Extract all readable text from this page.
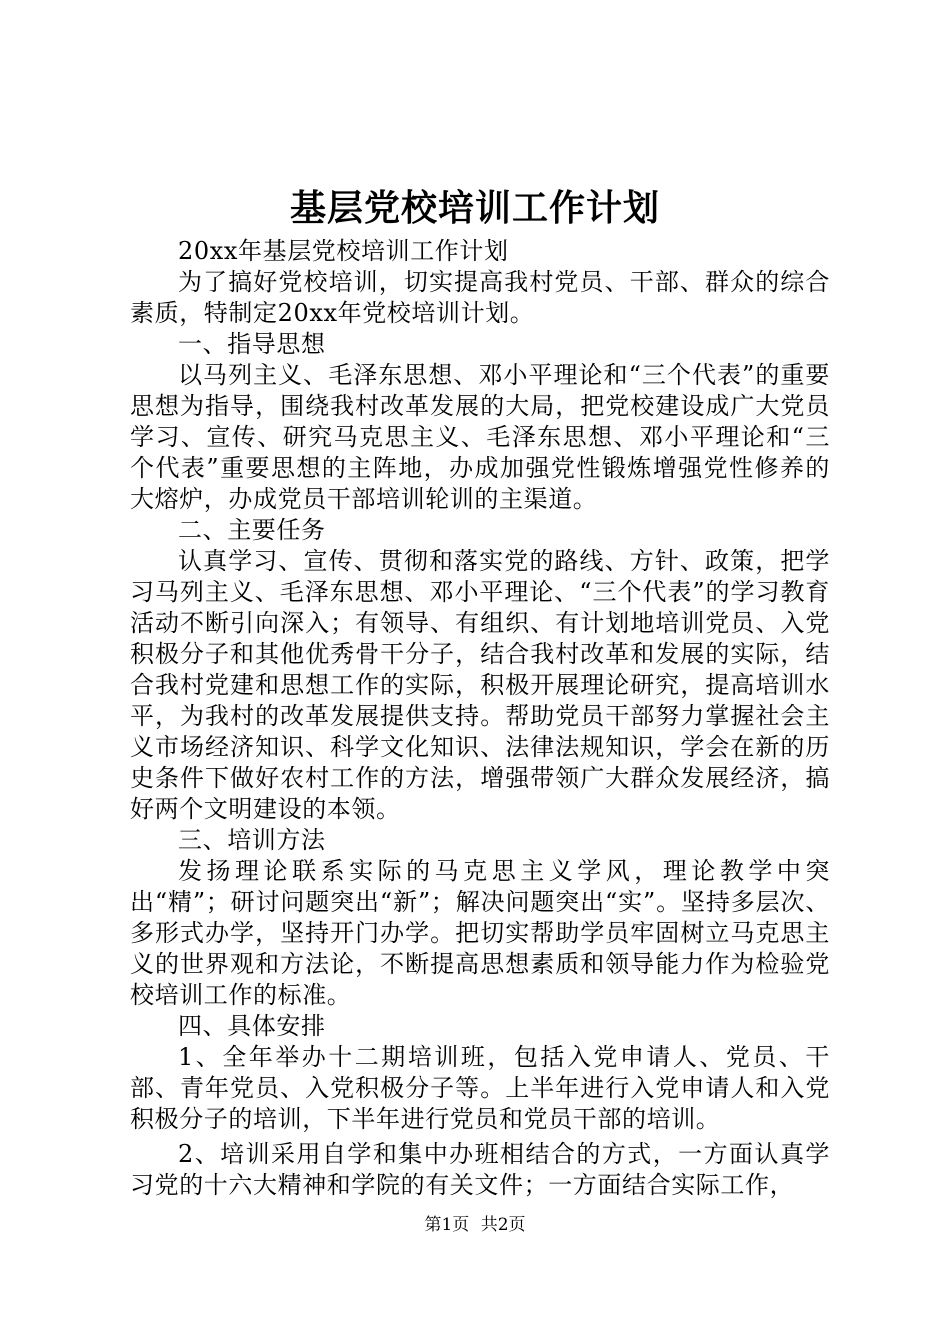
基层党校培训工作计划

20xx年基层党校培训工作计划

为了搞好党校培训，切实提高我村党员、干部、群众的综合素质，特制定20xx年党校培训计划。

一、指导思想

以马列主义、毛泽东思想、邓小平理论和“三个代表”的重要思想为指导，围绕我村改革发展的大局，把党校建设成广大党员学习、宣传、研究马克思主义、毛泽东思想、邓小平理论和“三个代表”重要思想的主阵地，办成加强党性锻炼增强党性修养的大熔炉，办成党员干部培训轮训的主渠道。

二、主要任务

认真学习、宣传、贯彻和落实党的路线、方针、政策，把学习马列主义、毛泽东思想、邓小平理论、“三个代表”的学习教育活动不断引向深入；有领导、有组织、有计划地培训党员、入党积极分子和其他优秀骨干分子，结合我村改革和发展的实际，结合我村党建和思想工作的实际，积极开展理论研究，提高培训水平，为我村的改革发展提供支持。帮助党员干部努力掌握社会主义市场经济知识、科学文化知识、法律法规知识，学会在新的历史条件下做好农村工作的方法，增强带领广大群众发展经济，搞好两个文明建设的本领。

三、培训方法

发扬理论联系实际的马克思主义学风，理论教学中突出“精”；研讨问题突出“新”；解决问题突出“实”。坚持多层次、多形式办学，坚持开门办学。把切实帮助学员牢固树立马克思主义的世界观和方法论，不断提高思想素质和领导能力作为检验党校培训工作的标准。

四、具体安排

1、全年举办十二期培训班，包括入党申请人、党员、干部、青年党员、入党积极分子等。上半年进行入党申请人和入党积极分子的培训，下半年进行党员和党员干部的培训。

2、培训采用自学和集中办班相结合的方式，一方面认真学习党的十六大精神和学院的有关文件；一方面结合实际工作，

第1页 共2页
